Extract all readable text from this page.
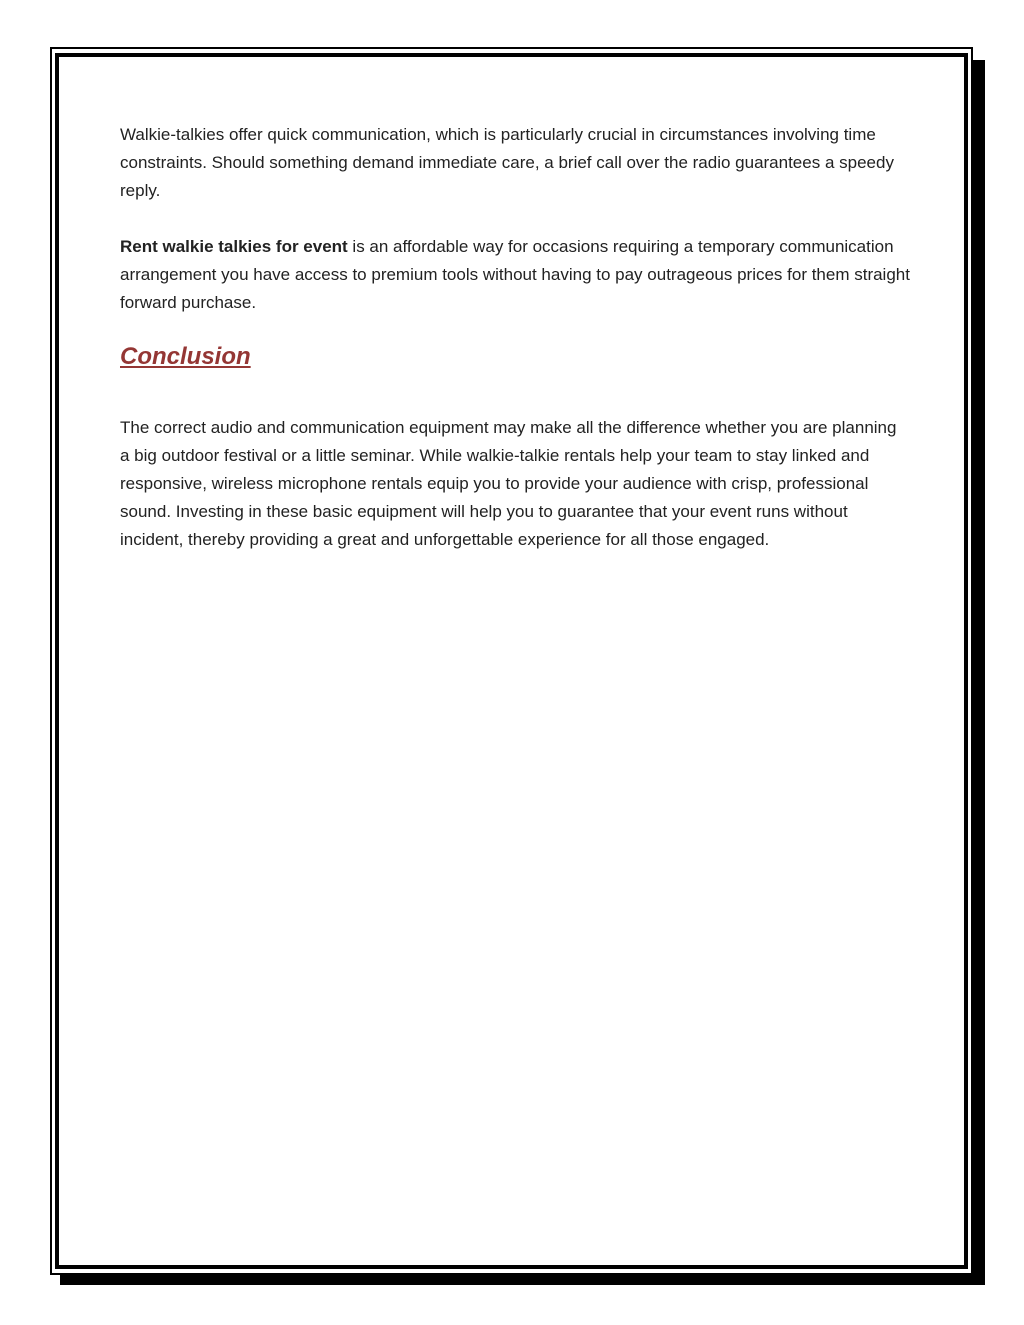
Walkie-talkies offer quick communication, which is particularly crucial in circumstances involving time constraints. Should something demand immediate care, a brief call over the radio guarantees a speedy reply.

Rent walkie talkies for event is an affordable way for occasions requiring a temporary communication arrangement you have access to premium tools without having to pay outrageous prices for them straight forward purchase.

Conclusion

The correct audio and communication equipment may make all the difference whether you are planning a big outdoor festival or a little seminar. While walkie-talkie rentals help your team to stay linked and responsive, wireless microphone rentals equip you to provide your audience with crisp, professional sound. Investing in these basic equipment will help you to guarantee that your event runs without incident, thereby providing a great and unforgettable experience for all those engaged.
